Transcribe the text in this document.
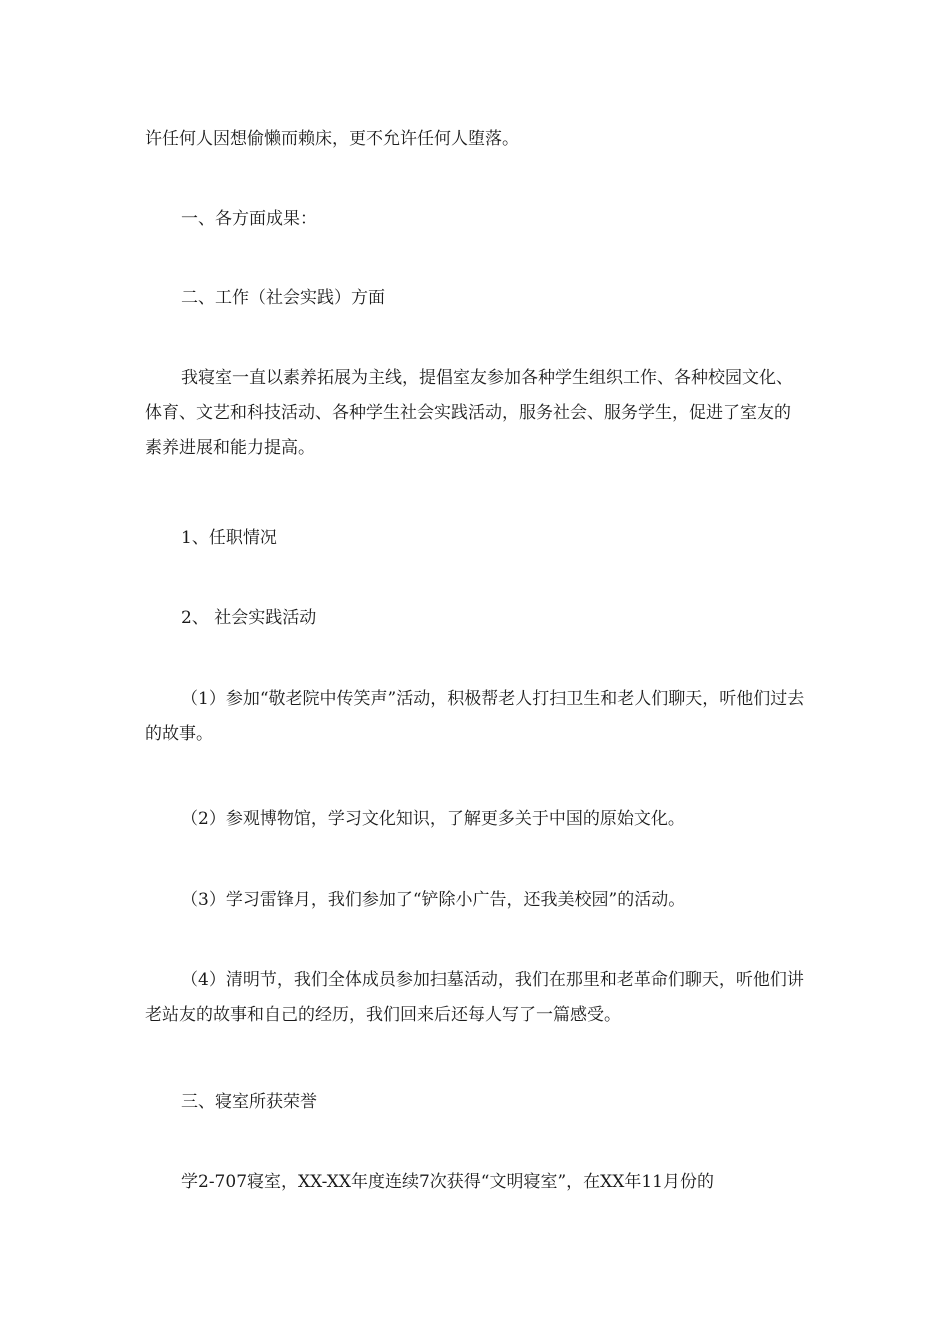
许任何人因想偷懒而赖床，更不允许任何人堕落。

一、各方面成果：

二、工作（社会实践）方面

我寝室一直以素养拓展为主线，提倡室友参加各种学生组织工作、各种校园文化、体育、文艺和科技活动、各种学生社会实践活动，服务社会、服务学生，促进了室友的素养进展和能力提高。

1、任职情况

2、 社会实践活动

（1）参加“敬老院中传笑声”活动，积极帮老人打扫卫生和老人们聊天，听他们过去的故事。

（2）参观博物馆，学习文化知识，了解更多关于中国的原始文化。

（3）学习雷锋月，我们参加了“铲除小广告，还我美校园”的活动。

（4）清明节，我们全体成员参加扫墓活动，我们在那里和老革命们聊天，听他们讲老站友的故事和自己的经历，我们回来后还每人写了一篇感受。

三、寝室所获荣誉

学2-707寝室，XX-XX年度连续7次获得“文明寝室”，在XX年11月份的
